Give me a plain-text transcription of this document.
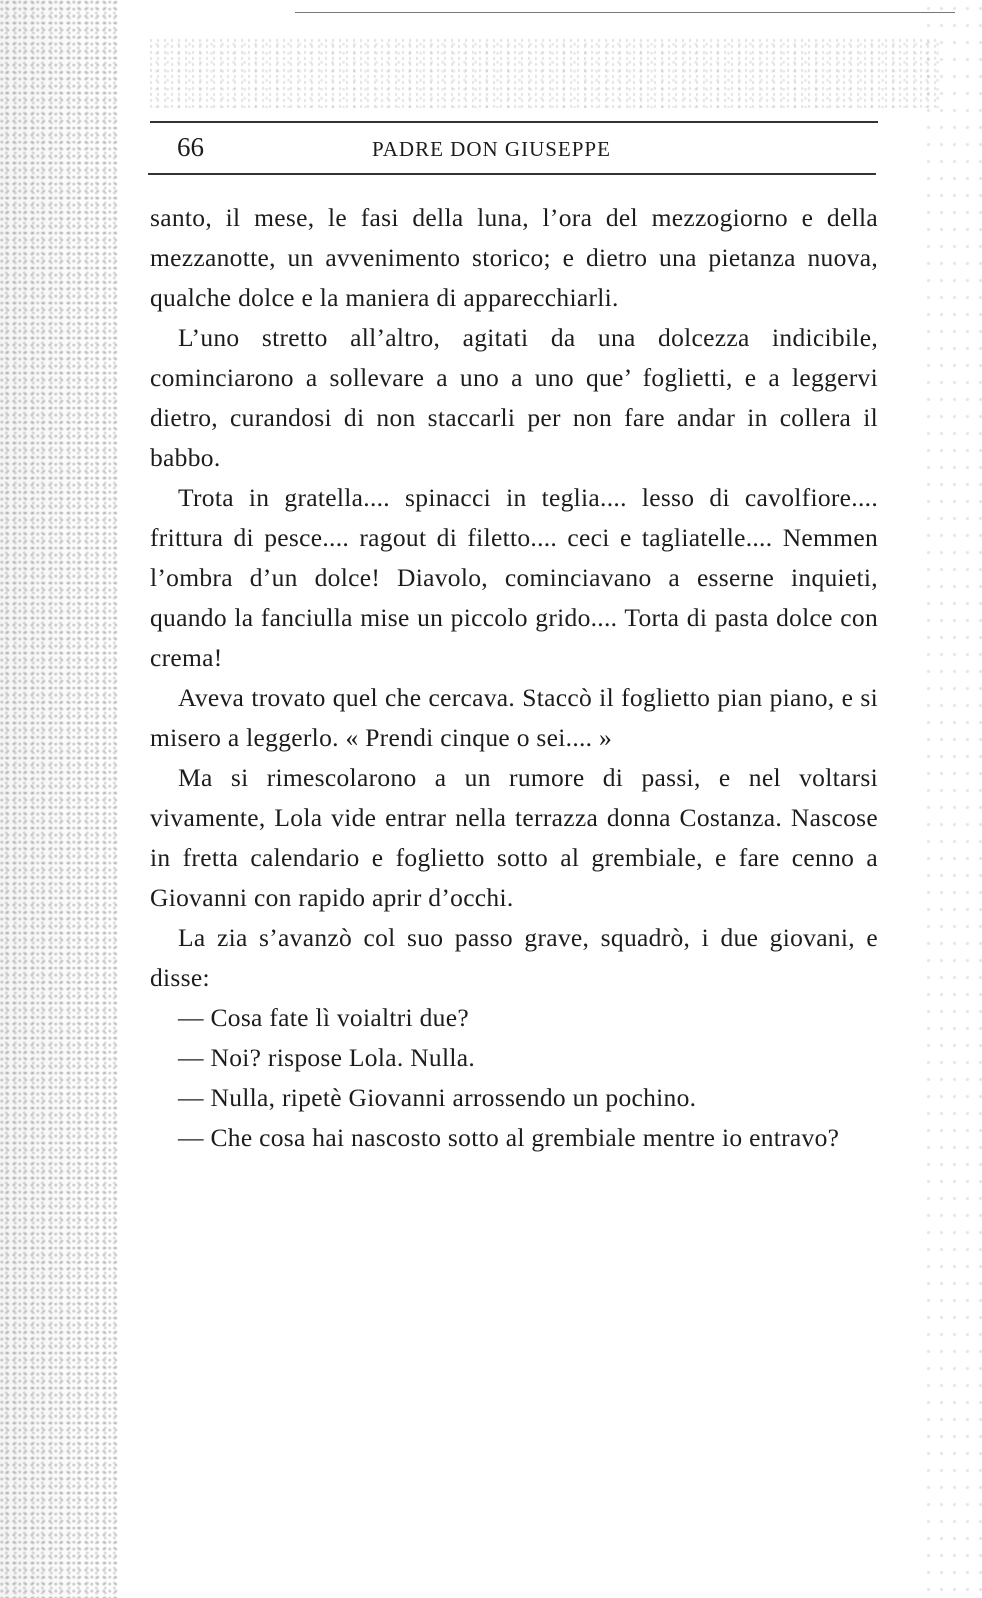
66	PADRE DON GIUSEPPE

santo, il mese, le fasi della luna, l’ora del mezzogiorno e della mezzanotte, un avvenimento storico; e dietro una pietanza nuova, qualche dolce e la maniera di apparecchiarli.

L’uno stretto all’altro, agitati da una dolcezza indicibile, cominciarono a sollevare a uno a uno que’ foglietti, e a leggervi dietro, curandosi di non staccarli per non fare andar in collera il babbo.

Trota in gratella.... spinacci in teglia.... lesso di cavolfiore.... frittura di pesce.... ragout di filetto.... ceci e tagliatelle.... Nemmen l’ombra d’un dolce! Diavolo, cominciavano a esserne inquieti, quando la fanciulla mise un piccolo grido.... Torta di pasta dolce con crema!

Aveva trovato quel che cercava. Staccò il foglietto pian piano, e si misero a leggerlo. « Prendi cinque o sei.... »

Ma si rimescolarono a un rumore di passi, e nel voltarsi vivamente, Lola vide entrar nella terrazza donna Costanza. Nascose in fretta calendario e foglietto sotto al grembiale, e fare cenno a Giovanni con rapido aprir d’occhi.

La zia s’avanzò col suo passo grave, squadrò, i due giovani, e disse:

— Cosa fate lì voialtri due?

— Noi? rispose Lola. Nulla.

— Nulla, ripetè Giovanni arrossendo un pochino.

— Che cosa hai nascosto sotto al grembiale mentre io entravo?
